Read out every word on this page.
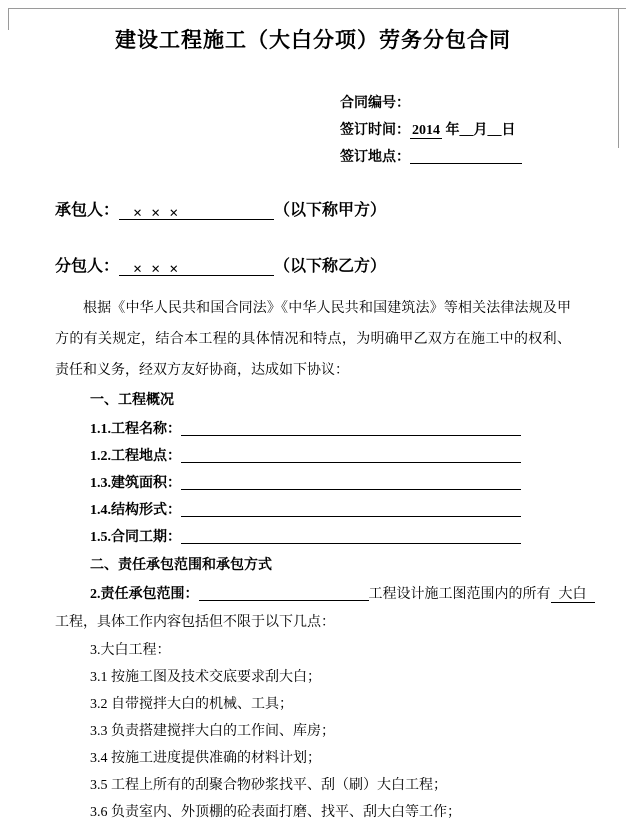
建设工程施工（大白分项）劳务分包合同
合同编号：
签订时间： 2014 年__月__日
签订地点：
承包人： ×××	（以下称甲方）
分包人： ×××	（以下称乙方）

根据《中华人民共和国合同法》《中华人民共和国建筑法》等相关法律法规及甲方的有关规定，结合本工程的具体情况和特点，为明确甲乙双方在施工中的权利、责任和义务，经双方友好协商，达成如下协议：

一、工程概况
1.1.工程名称：
1.2.工程地点：
1.3.建筑面积：
1.4.结构形式：
1.5.合同工期：
二、责任承包范围和承包方式

2.责任承包范围：	工程设计施工图范围内的所有 大白
工程，具体工作内容包括但不限于以下几点：

3.大白工程：
3.1 按施工图及技术交底要求刮大白；
3.2 自带搅拌大白的机械、工具；
3.3 负责搭建搅拌大白的工作间、库房；
3.4 按施工进度提供准确的材料计划；
3.5 工程上所有的刮聚合物砂浆找平、刮（刷）大白工程；
3.6 负责室内、外顶棚的砼表面打磨、找平、刮大白等工作；
